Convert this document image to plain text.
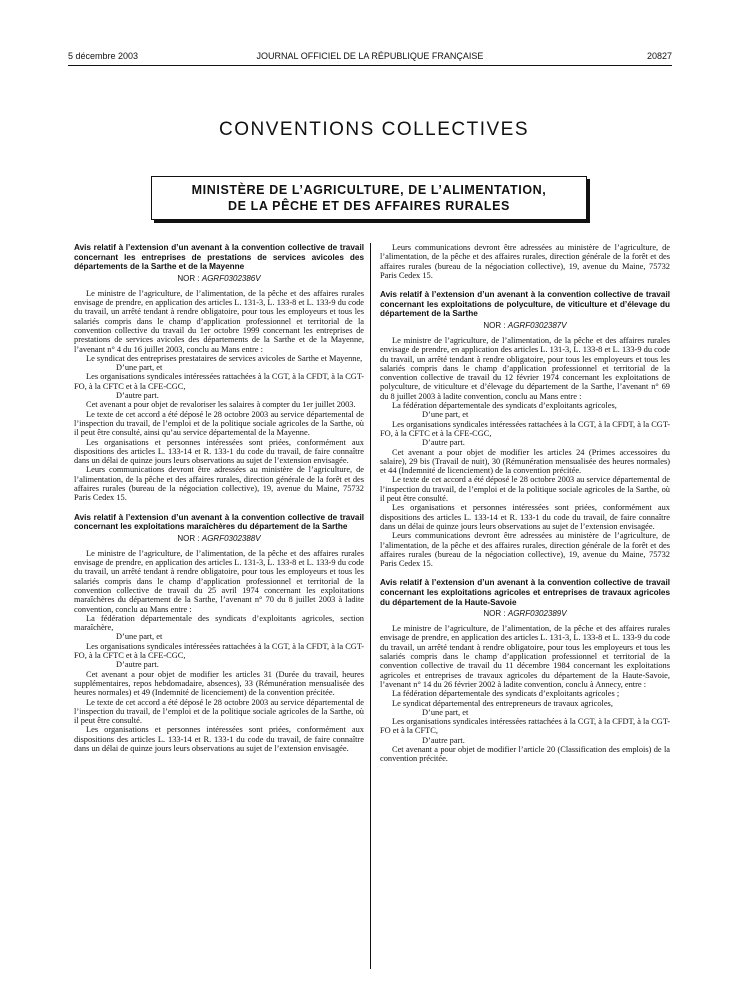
5 décembre 2003	JOURNAL OFFICIEL DE LA RÉPUBLIQUE FRANÇAISE	20827
CONVENTIONS COLLECTIVES
MINISTÈRE DE L’AGRICULTURE, DE L’ALIMENTATION,
DE LA PÊCHE ET DES AFFAIRES RURALES

Avis relatif à l’extension d’un avenant à la convention collective de travail concernant les entreprises de prestations de services avicoles des départements de la Sarthe et de la Mayenne

NOR : AGRF0302386V

Le ministre de l’agriculture, de l’alimentation, de la pêche et des affaires rurales envisage de prendre, en application des articles L. 131-3, L. 133-8 et L. 133-9 du code du travail, un arrêté tendant à rendre obligatoire, pour tous les employeurs et tous les salariés compris dans le champ d’application professionnel et territorial de la convention collective du travail du 1er octobre 1999 concernant les entreprises de prestations de services avicoles des départements de la Sarthe et de la Mayenne, l’avenant n° 4 du 16 juillet 2003, conclu au Mans entre :

Le syndicat des entreprises prestataires de services avicoles de Sarthe et Mayenne,

D’une part, et

Les organisations syndicales intéressées rattachées à la CGT, à la CFDT, à la CGT-FO, à la CFTC et à la CFE-CGC,

D’autre part.

Cet avenant a pour objet de revaloriser les salaires à compter du 1er juillet 2003.

Le texte de cet accord a été déposé le 28 octobre 2003 au service départemental de l’inspection du travail, de l’emploi et de la politique sociale agricoles de la Sarthe, où il peut être consulté, ainsi qu’au service départemental de la Mayenne.

Les organisations et personnes intéressées sont priées, conformément aux dispositions des articles L. 133-14 et R. 133-1 du code du travail, de faire connaître dans un délai de quinze jours leurs observations au sujet de l’extension envisagée.

Leurs communications devront être adressées au ministère de l’agriculture, de l’alimentation, de la pêche et des affaires rurales, direction générale de la forêt et des affaires rurales (bureau de la négociation collective), 19, avenue du Maine, 75732 Paris Cedex 15.

Avis relatif à l’extension d’un avenant à la convention collective de travail concernant les exploitations maraîchères du département de la Sarthe

NOR : AGRF0302388V

Le ministre de l’agriculture, de l’alimentation, de la pêche et des affaires rurales envisage de prendre, en application des articles L. 131-3, L. 133-8 et L. 133-9 du code du travail, un arrêté tendant à rendre obligatoire, pour tous les employeurs et tous les salariés compris dans le champ d’application professionnel et territorial de la convention collective de travail du 25 avril 1974 concernant les exploitations maraîchères du département de la Sarthe, l’avenant n° 70 du 8 juillet 2003 à ladite convention, conclu au Mans entre :

La fédération départementale des syndicats d’exploitants agricoles, section maraîchère,

D’une part, et

Les organisations syndicales intéressées rattachées à la CGT, à la CFDT, à la CGT-FO, à la CFTC et à la CFE-CGC,

D’autre part.

Cet avenant a pour objet de modifier les articles 31 (Durée du travail, heures supplémentaires, repos hebdomadaire, absences), 33 (Rémunération mensualisée des heures normales) et 49 (Indemnité de licenciement) de la convention précitée.

Le texte de cet accord a été déposé le 28 octobre 2003 au service départemental de l’inspection du travail, de l’emploi et de la politique sociale agricoles de la Sarthe, où il peut être consulté.

Les organisations et personnes intéressées sont priées, conformément aux dispositions des articles L. 133-14 et R. 133-1 du code du travail, de faire connaître dans un délai de quinze jours leurs observations au sujet de l’extension envisagée.

Leurs communications devront être adressées au ministère de l’agriculture, de l’alimentation, de la pêche et des affaires rurales, direction générale de la forêt et des affaires rurales (bureau de la négociation collective), 19, avenue du Maine, 75732 Paris Cedex 15.

Avis relatif à l’extension d’un avenant à la convention collective de travail concernant les exploitations de polyculture, de viticulture et d’élevage du département de la Sarthe

NOR : AGRF0302387V

Le ministre de l’agriculture, de l’alimentation, de la pêche et des affaires rurales envisage de prendre, en application des articles L. 131-3, L. 133-8 et L. 133-9 du code du travail, un arrêté tendant à rendre obligatoire, pour tous les employeurs et tous les salariés compris dans le champ d’application professionnel et territorial de la convention collective de travail du 12 février 1974 concernant les exploitations de polyculture, de viticulture et d’élevage du département de la Sarthe, l’avenant n° 69 du 8 juillet 2003 à ladite convention, conclu au Mans entre :

La fédération départementale des syndicats d’exploitants agricoles,

D’une part, et

Les organisations syndicales intéressées rattachées à la CGT, à la CFDT, à la CGT-FO, à la CFTC et à la CFE-CGC,

D’autre part.

Cet avenant a pour objet de modifier les articles 24 (Primes accessoires du salaire), 29 bis (Travail de nuit), 30 (Rémunération mensualisée des heures normales) et 44 (Indemnité de licenciement) de la convention précitée.

Le texte de cet accord a été déposé le 28 octobre 2003 au service départemental de l’inspection du travail, de l’emploi et de la politique sociale agricoles de la Sarthe, où il peut être consulté.

Les organisations et personnes intéressées sont priées, conformément aux dispositions des articles L. 133-14 et R. 133-1 du code du travail, de faire connaître dans un délai de quinze jours leurs observations au sujet de l’extension envisagée.

Leurs communications devront être adressées au ministère de l’agriculture, de l’alimentation, de la pêche et des affaires rurales, direction générale de la forêt et des affaires rurales (bureau de la négociation collective), 19, avenue du Maine, 75732 Paris Cedex 15.

Avis relatif à l’extension d’un avenant à la convention collective de travail concernant les exploitations agricoles et entreprises de travaux agricoles du département de la Haute-Savoie

NOR : AGRF0302389V

Le ministre de l’agriculture, de l’alimentation, de la pêche et des affaires rurales envisage de prendre, en application des articles L. 131-3, L. 133-8 et L. 133-9 du code du travail, un arrêté tendant à rendre obligatoire, pour tous les employeurs et tous les salariés compris dans le champ d’application professionnel et territorial de la convention collective de travail du 11 décembre 1984 concernant les exploitations agricoles et entreprises de travaux agricoles du département de la Haute-Savoie, l’avenant n° 14 du 26 février 2002 à ladite convention, conclu à Annecy, entre :

La fédération départementale des syndicats d’exploitants agricoles ;

Le syndicat départemental des entrepreneurs de travaux agricoles,

D’une part, et

Les organisations syndicales intéressées rattachées à la CGT, à la CFDT, à la CGT-FO et à la CFTC,

D’autre part.

Cet avenant a pour objet de modifier l’article 20 (Classification des emplois) de la convention précitée.
